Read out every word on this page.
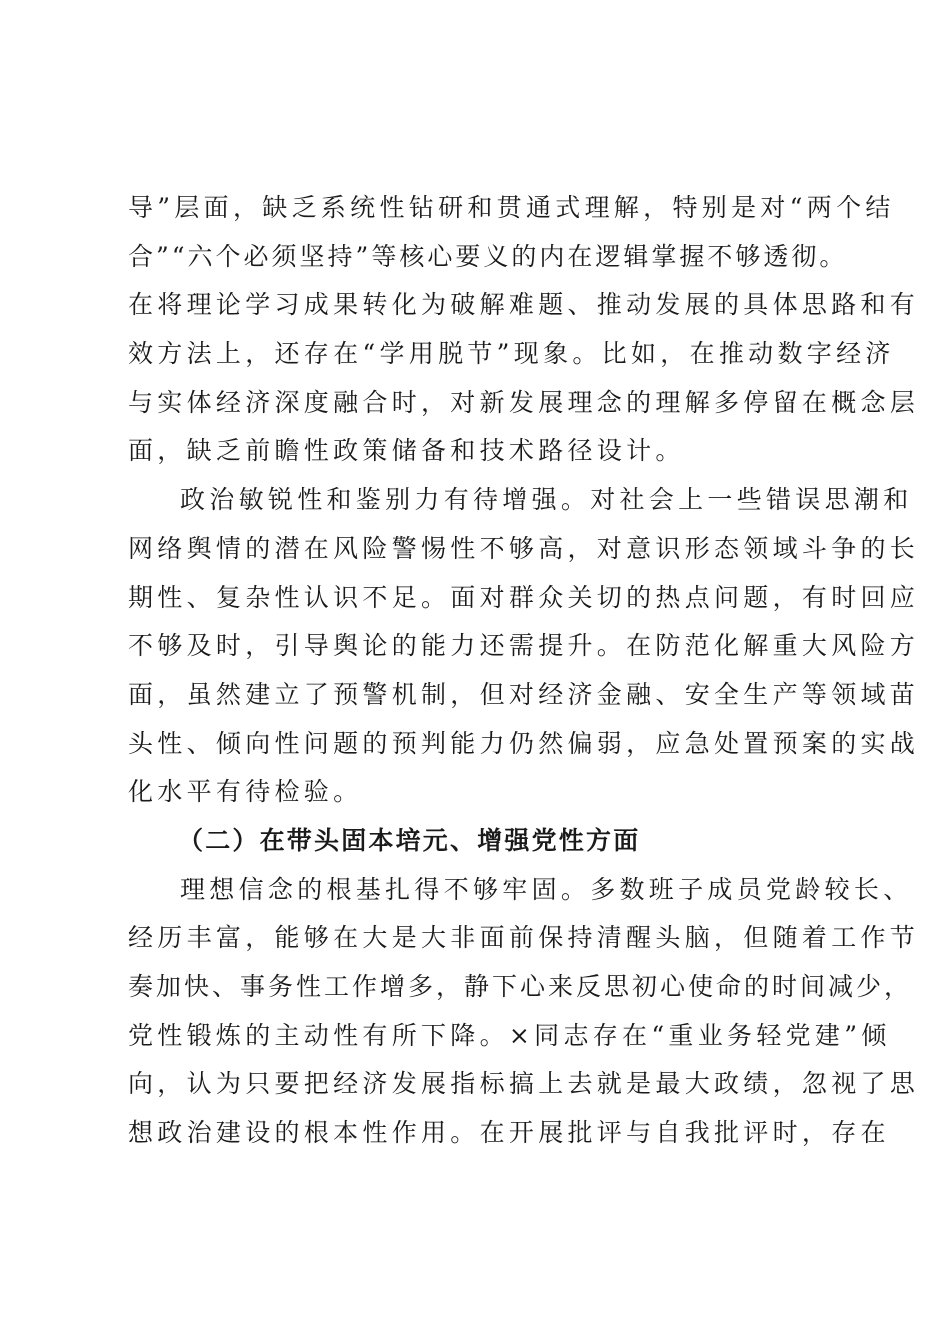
导”层面，缺乏系统性钻研和贯通式理解，特别是对“两个结
合”“六个必须坚持”等核心要义的内在逻辑掌握不够透彻。
在将理论学习成果转化为破解难题、推动发展的具体思路和有
效方法上，还存在“学用脱节”现象。比如，在推动数字经济
与实体经济深度融合时，对新发展理念的理解多停留在概念层
面，缺乏前瞻性政策储备和技术路径设计。
政治敏锐性和鉴别力有待增强。对社会上一些错误思潮和
网络舆情的潜在风险警惕性不够高，对意识形态领域斗争的长
期性、复杂性认识不足。面对群众关切的热点问题，有时回应
不够及时，引导舆论的能力还需提升。在防范化解重大风险方
面，虽然建立了预警机制，但对经济金融、安全生产等领域苗
头性、倾向性问题的预判能力仍然偏弱，应急处置预案的实战
化水平有待检验。
（二）在带头固本培元、增强党性方面
理想信念的根基扎得不够牢固。多数班子成员党龄较长、
经历丰富，能够在大是大非面前保持清醒头脑，但随着工作节
奏加快、事务性工作增多，静下心来反思初心使命的时间减少，
党性锻炼的主动性有所下降。×同志存在“重业务轻党建”倾
向，认为只要把经济发展指标搞上去就是最大政绩，忽视了思
想政治建设的根本性作用。在开展批评与自我批评时，存在
